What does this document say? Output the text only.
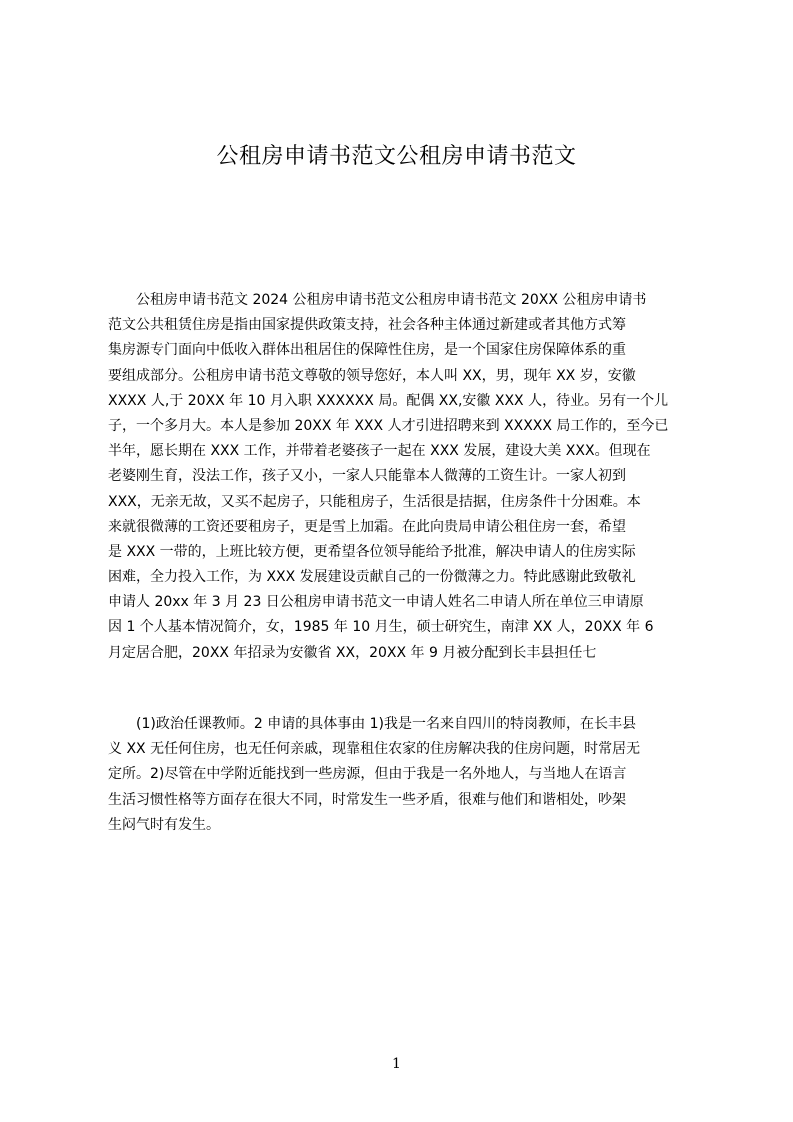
公租房申请书范文公租房申请书范文
　　公租房申请书范文 2024 公租房申请书范文公租房申请书范文 20XX 公租房申请书
范文公共租赁住房是指由国家提供政策支持，社会各种主体通过新建或者其他方式筹
集房源专门面向中低收入群体出租居住的保障性住房，是一个国家住房保障体系的重
要组成部分。公租房申请书范文尊敬的领导您好，本人叫 XX，男，现年 XX 岁，安徽
XXXX 人,于 20XX 年 10 月入职 XXXXXX 局。配偶 XX,安徽 XXX 人，待业。另有一个儿
子，一个多月大。本人是参加 20XX 年 XXX 人才引进招聘来到 XXXXX 局工作的，至今已
半年，愿长期在 XXX 工作，并带着老婆孩子一起在 XXX 发展，建设大美 XXX。但现在
老婆刚生育，没法工作，孩子又小，一家人只能靠本人微薄的工资生计。一家人初到
XXX，无亲无故，又买不起房子，只能租房子，生活很是拮据，住房条件十分困难。本
来就很微薄的工资还要租房子，更是雪上加霜。在此向贵局申请公租住房一套，希望
是 XXX 一带的，上班比较方便，更希望各位领导能给予批准，解决申请人的住房实际
困难，全力投入工作，为 XXX 发展建设贡献自己的一份微薄之力。特此感谢此致敬礼
申请人 20xx 年 3 月 23 日公租房申请书范文一申请人姓名二申请人所在单位三申请原
因 1 个人基本情况简介，女，1985 年 10 月生，硕士研究生，南津 XX 人，20XX 年 6
月定居合肥，20XX 年招录为安徽省 XX，20XX 年 9 月被分配到长丰县担任七
　　(1)政治任课教师。2 申请的具体事由 1)我是一名来自四川的特岗教师，在长丰县
义 XX 无任何住房，也无任何亲戚，现靠租住农家的住房解决我的住房问题，时常居无
定所。2)尽管在中学附近能找到一些房源，但由于我是一名外地人，与当地人在语言
生活习惯性格等方面存在很大不同，时常发生一些矛盾，很难与他们和谐相处，吵架
生闷气时有发生。

1
